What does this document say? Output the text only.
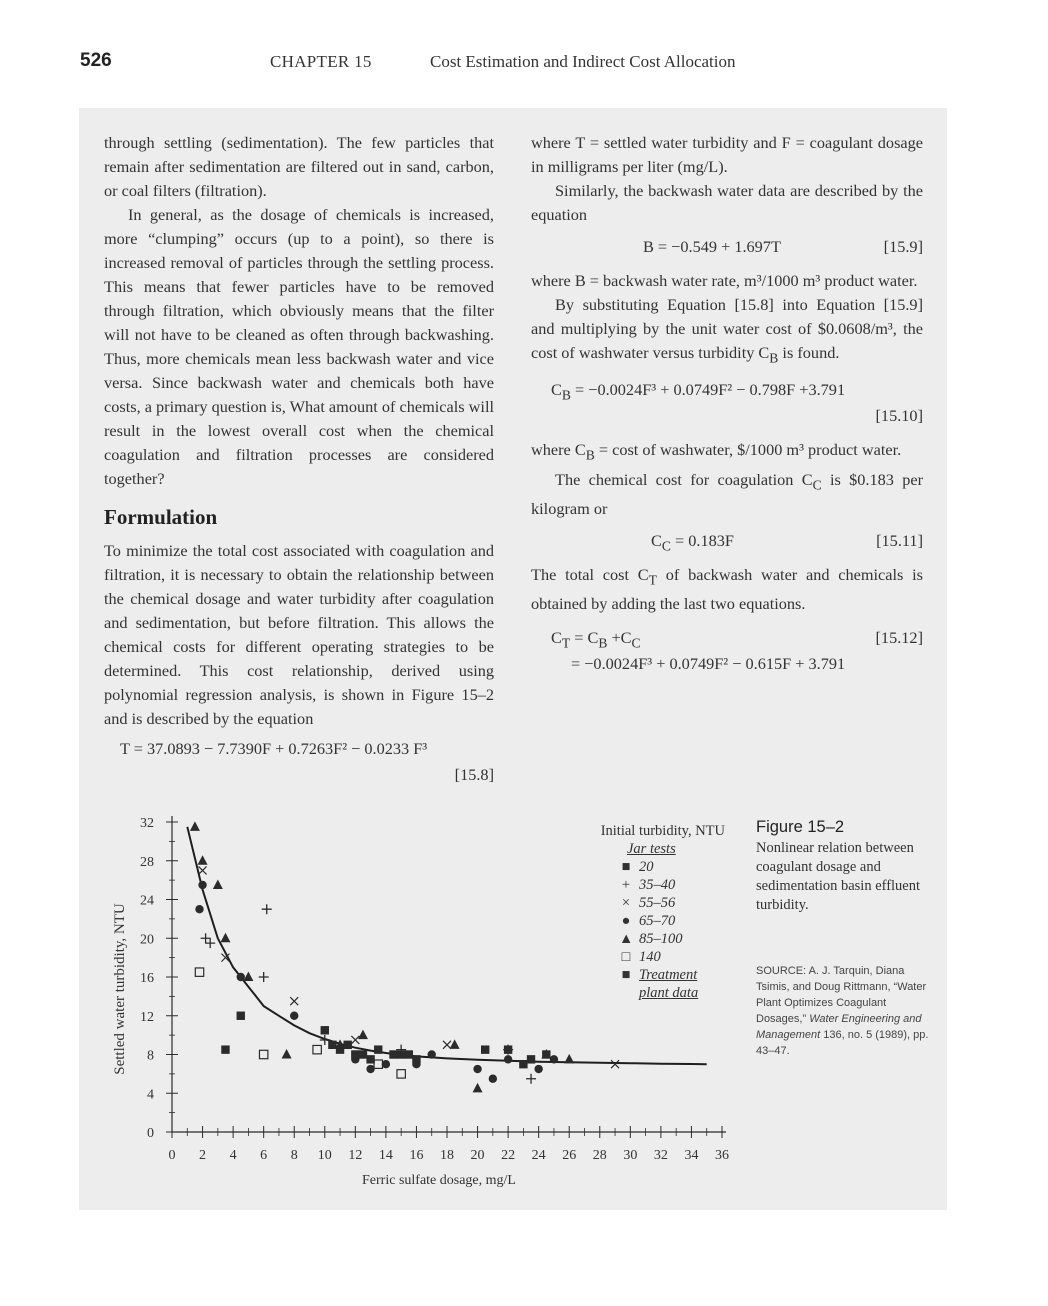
526	CHAPTER 15	Cost Estimation and Indirect Cost Allocation

through settling (sedimentation). The few particles that remain after sedimentation are filtered out in sand, carbon, or coal filters (filtration).

In general, as the dosage of chemicals is increased, more “clumping” occurs (up to a point), so there is increased removal of particles through the settling process. This means that fewer particles have to be removed through filtration, which obviously means that the filter will not have to be cleaned as often through backwashing. Thus, more chemicals mean less backwash water and vice versa. Since backwash water and chemicals both have costs, a primary question is, What amount of chemicals will result in the lowest overall cost when the chemical coagulation and filtration processes are considered together?

Formulation

To minimize the total cost associated with coagulation and filtration, it is necessary to obtain the relationship between the chemical dosage and water turbidity after coagulation and sedimentation, but before filtration. This allows the chemical costs for different operating strategies to be determined. This cost relationship, derived using polynomial regression analysis, is shown in Figure 15–2 and is described by the equation

T = 37.0893 − 7.7390F + 0.7263F² − 0.0233 F³
[15.8]

where T = settled water turbidity and F = coagulant dosage in milligrams per liter (mg/L).

Similarly, the backwash water data are described by the equation

B = −0.549 + 1.697T	[15.9]

where B = backwash water rate, m³/1000 m³ product water.

By substituting Equation [15.8] into Equation [15.9] and multiplying by the unit water cost of $0.0608/m³, the cost of washwater versus turbidity $C_B$ is found.

$C_B = -0.0024F^3 + 0.0749F^2 - 0.798F +3.791$
[15.10]

where $C_B = \cos t$ of washwater, $/1000 m³ product water.

The chemical cost for coagulation $C_C$ is $0.183 per kilogram or

$C_C = 0.183F$	[15.11]

The total cost $C_T$ of backwash water and chemicals is obtained by adding the last two equations.

$C_T = C_B +C_C$	[15.12]
= −0.0024F³ + 0.0749F² − 0.615F + 3.791
0
4
8
12
16
20
24
28
32
0 2 4 6 8 10 12 14 16 18 20 22 24 26 28 30 32 34 36
Ferric sulfate dosage, mg/L
Settled water turbidity, NTU
Initial turbidity, NTU
Jar tests
■ 20
+ 35–40
× 55–56
● 65–70
▲ 85–100
□ 140
■ Treatment plant data
Figure 15–2
Nonlinear relation between coagulant dosage and sedimentation basin effluent turbidity.
SOURCE: A. J. Tarquin, Diana Tsimis, and Doug Rittmann, “Water Plant Optimizes Coagulant Dosages,” Water Engineering and Management 136, no. 5 (1989), pp. 43–47.
